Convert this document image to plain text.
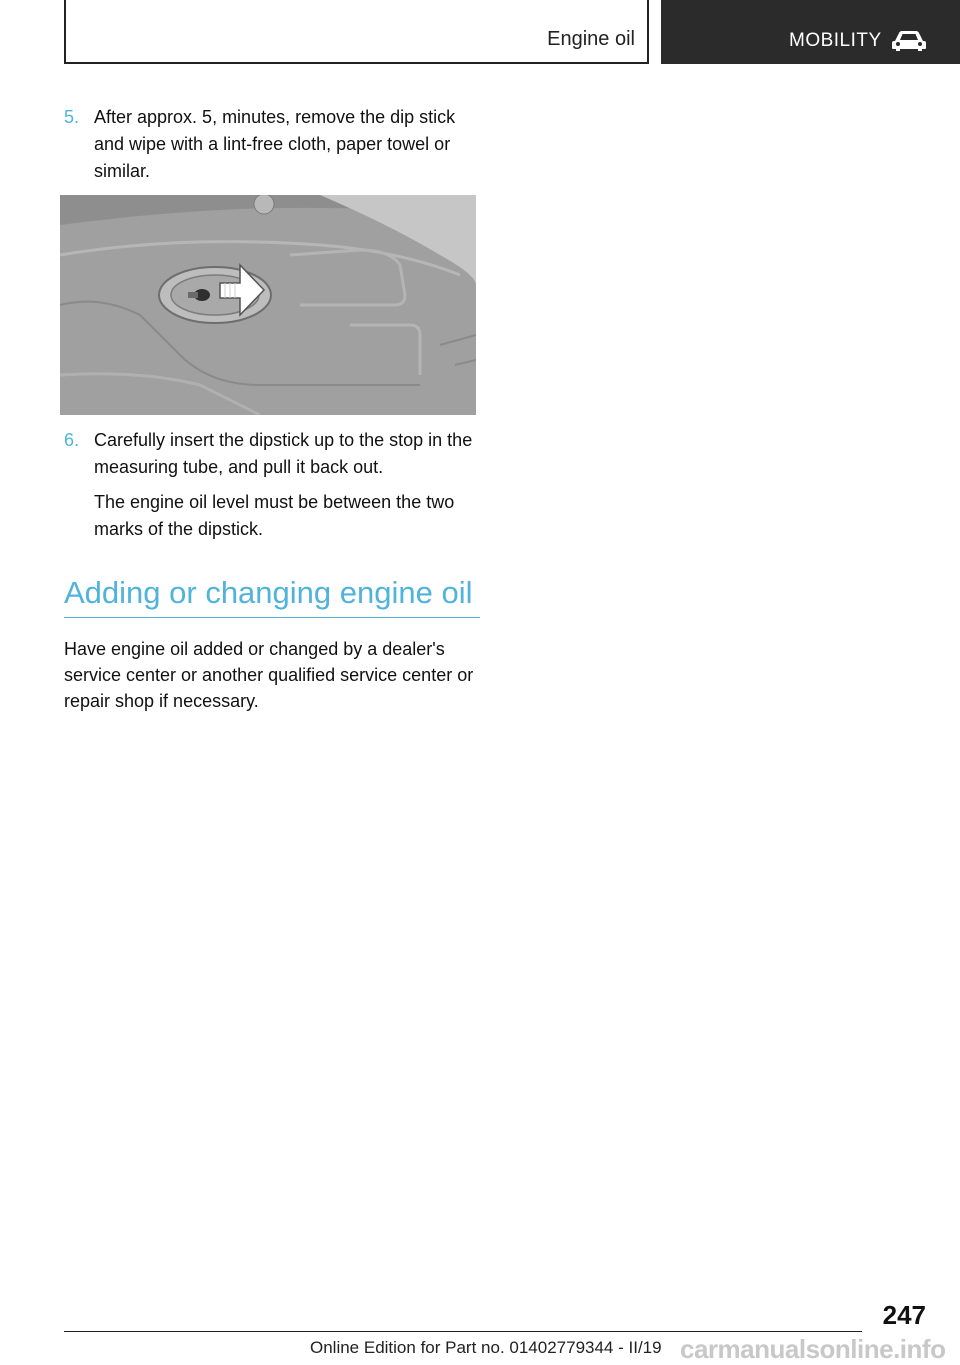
Engine oil	MOBILITY
5. After approx. 5, minutes, remove the dip stick and wipe with a lint-free cloth, paper towel or similar.
6. Carefully insert the dipstick up to the stop in the measuring tube, and pull it back out.
The engine oil level must be between the two marks of the dipstick.
Adding or changing engine oil
Have engine oil added or changed by a dealer's service center or another qualified service center or repair shop if necessary.
247
Online Edition for Part no. 01402779344 - II/19 carmanualsonline.info
